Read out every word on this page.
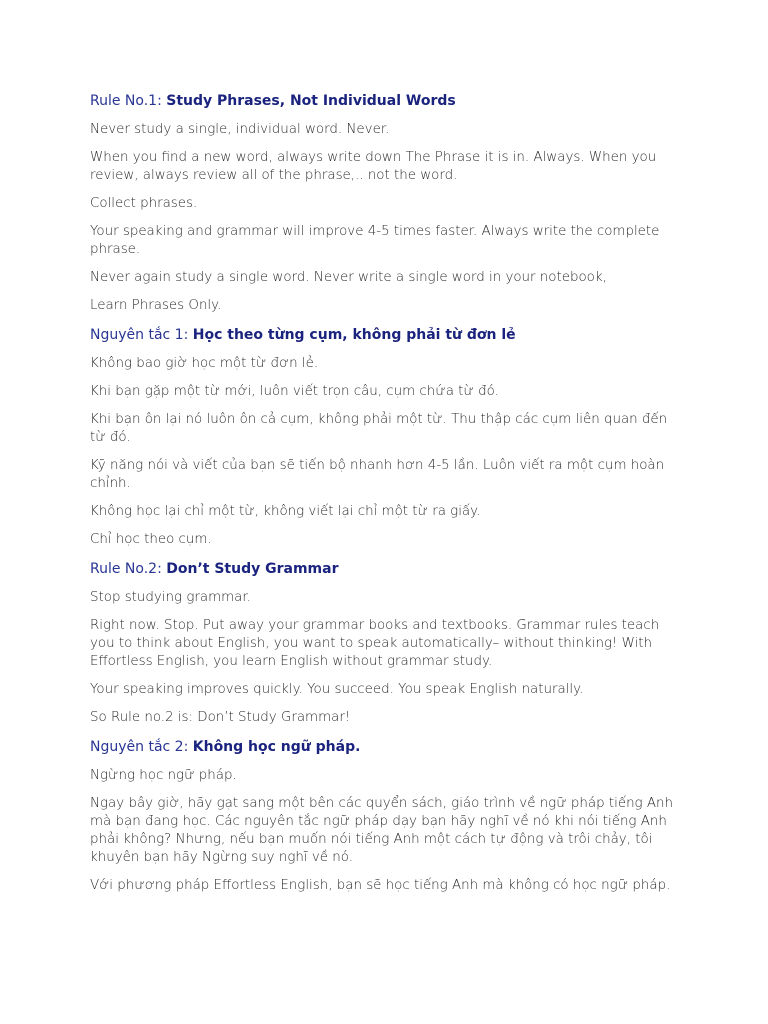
Rule No.1: Study Phrases, Not Individual Words

Never study a single, individual word. Never.

When you find a new word, always write down The Phrase it is in. Always. When you review, always review all of the phrase,.. not the word.

Collect phrases.

Your speaking and grammar will improve 4-5 times faster. Always write the complete phrase.

Never again study a single word. Never write a single word in your notebook,

Learn Phrases Only.

Nguyên tắc 1: Học theo từng cụm, không phải từ đơn lẻ

Không bao giờ học một từ đơn lẻ.

Khi bạn gặp một từ mới, luôn viết trọn câu, cụm chứa từ đó.

Khi bạn ôn lại nó luôn ôn cả cụm, không phải một từ. Thu thập các cụm liên quan đến từ đó.

Kỹ năng nói và viết của bạn sẽ tiến bộ nhanh hơn 4-5 lần. Luôn viết ra một cụm hoàn chỉnh.

Không học lại chỉ một từ, không viết lại chỉ một từ ra giấy.

Chỉ học theo cụm.

Rule No.2: Don’t Study Grammar

Stop studying grammar.

Right now. Stop. Put away your grammar books and textbooks. Grammar rules teach you to think about English, you want to speak automatically– without thinking! With Effortless English, you learn English without grammar study.

Your speaking improves quickly. You succeed. You speak English naturally.

So Rule no.2 is: Don’t Study Grammar!

Nguyên tắc 2: Không học ngữ pháp.

Ngừng học ngữ pháp.

Ngay bây giờ, hãy gạt sang một bên các quyển sách, giáo trình về ngữ pháp tiếng Anh mà bạn đang học. Các nguyên tắc ngữ pháp dạy bạn hãy nghĩ về nó khi nói tiếng Anh phải không? Nhưng, nếu bạn muốn nói tiếng Anh một cách tự động và trôi chảy, tôi khuyên bạn hãy Ngừng suy nghĩ về nó.

Với phương pháp Effortless English, bạn sẽ học tiếng Anh mà không có học ngữ pháp.
